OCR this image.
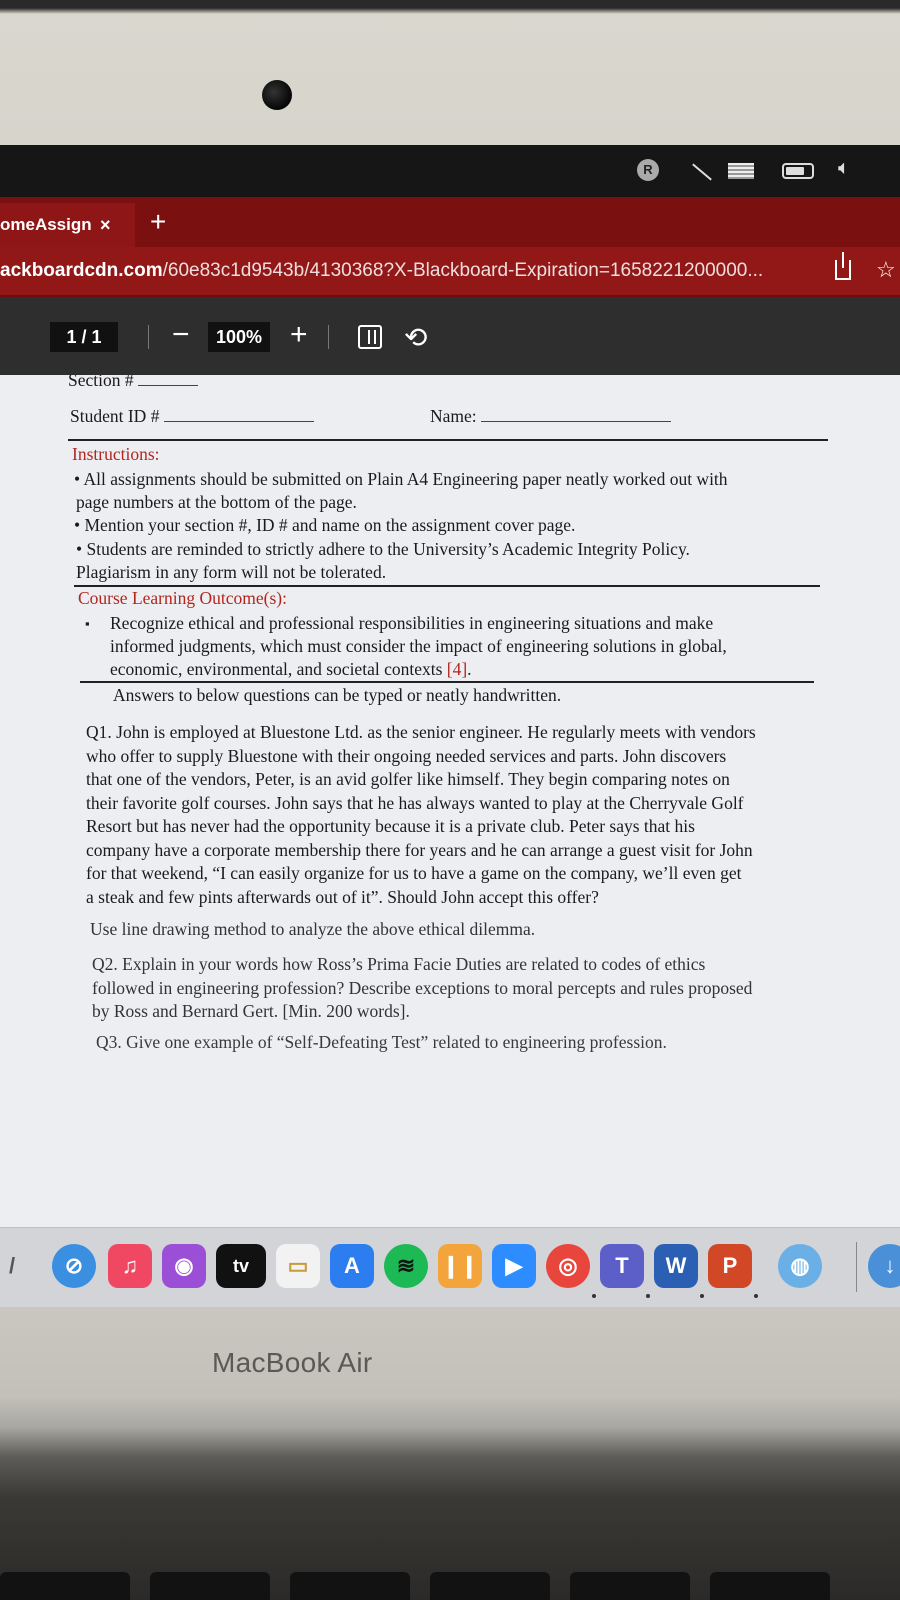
R	🔈︎
omeAssign × +
ackboardcdn.com/60e83c1d9543b/4130368?X-Blackboard-Expiration=1658221200000...	☆
1 / 1	−	100% +	⟲
Section #
Student ID #	Name:
Instructions:
• All assignments should be submitted on Plain A4 Engineering paper neatly worked out with
page numbers at the bottom of the page.
• Mention your section #, ID # and name on the assignment cover page.
• Students are reminded to strictly adhere to the University’s Academic Integrity Policy.
Plagiarism in any form will not be tolerated.
Course Learning Outcome(s):
▪ Recognize ethical and professional responsibilities in engineering situations and make
informed judgments, which must consider the impact of engineering solutions in global,
economic, environmental, and societal contexts [4].
Answers to below questions can be typed or neatly handwritten.
Q1. John is employed at Bluestone Ltd. as the senior engineer. He regularly meets with vendors
who offer to supply Bluestone with their ongoing needed services and parts. John discovers
that one of the vendors, Peter, is an avid golfer like himself. They begin comparing notes on
their favorite golf courses. John says that he has always wanted to play at the Cherryvale Golf
Resort but has never had the opportunity because it is a private club. Peter says that his
company have a corporate membership there for years and he can arrange a guest visit for John
for that weekend, “I can easily organize for us to have a game on the company, we’ll even get
a steak and few pints afterwards out of it”. Should John accept this offer?
Use line drawing method to analyze the above ethical dilemma.
Q2. Explain in your words how Ross’s Prima Facie Duties are related to codes of ethics
followed in engineering profession? Describe exceptions to moral percepts and rules proposed
by Ross and Bernard Gert. [Min. 200 words].
Q3. Give one example of “Self-Defeating Test” related to engineering profession.
/	⊘	♫	◉	tv	▭	A	≋	❙❙	▶	◎	T	W	P	◍	↓
MacBook Air
